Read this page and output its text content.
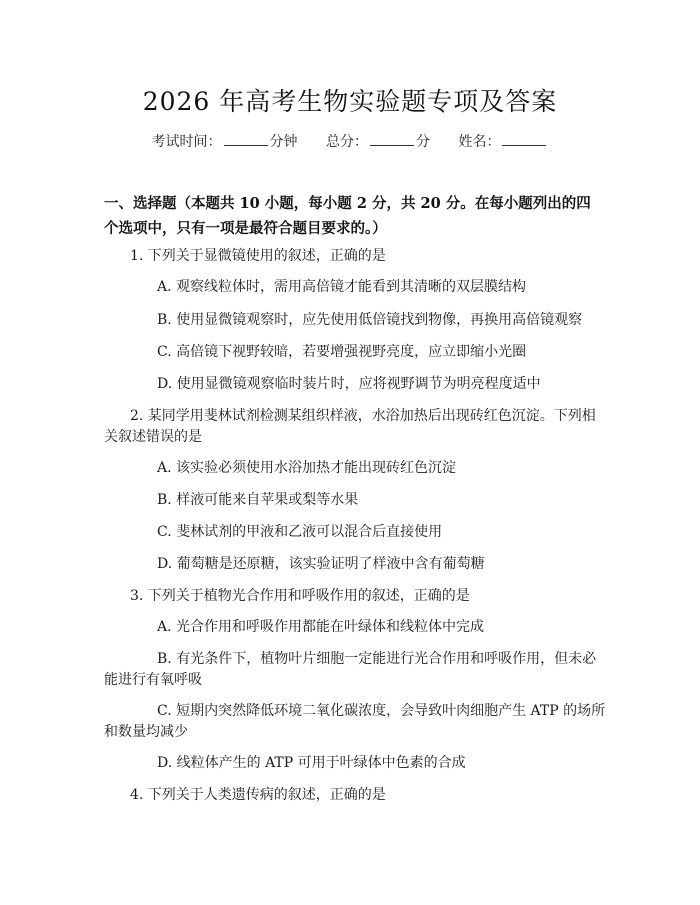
2026 年高考生物实验题专项及答案
考试时间：	分钟 总分：	分 姓名：
一、选择题（本题共 10 小题，每小题 2 分，共 20 分。在每小题列出的四个选项中，只有一项是最符合题目要求的。）
1. 下列关于显微镜使用的叙述，正确的是
A. 观察线粒体时，需用高倍镜才能看到其清晰的双层膜结构
B. 使用显微镜观察时，应先使用低倍镜找到物像，再换用高倍镜观察
C. 高倍镜下视野较暗，若要增强视野亮度，应立即缩小光圈
D. 使用显微镜观察临时装片时，应将视野调节为明亮程度适中
2. 某同学用斐林试剂检测某组织样液，水浴加热后出现砖红色沉淀。下列相
关叙述错误的是
A. 该实验必须使用水浴加热才能出现砖红色沉淀
B. 样液可能来自苹果或梨等水果
C. 斐林试剂的甲液和乙液可以混合后直接使用
D. 葡萄糖是还原糖，该实验证明了样液中含有葡萄糖
3. 下列关于植物光合作用和呼吸作用的叙述，正确的是
A. 光合作用和呼吸作用都能在叶绿体和线粒体中完成
B. 有光条件下，植物叶片细胞一定能进行光合作用和呼吸作用，但未必
能进行有氧呼吸
C. 短期内突然降低环境二氧化碳浓度，会导致叶肉细胞产生 ATP 的场所
和数量均减少
D. 线粒体产生的 ATP 可用于叶绿体中色素的合成
4. 下列关于人类遗传病的叙述，正确的是
